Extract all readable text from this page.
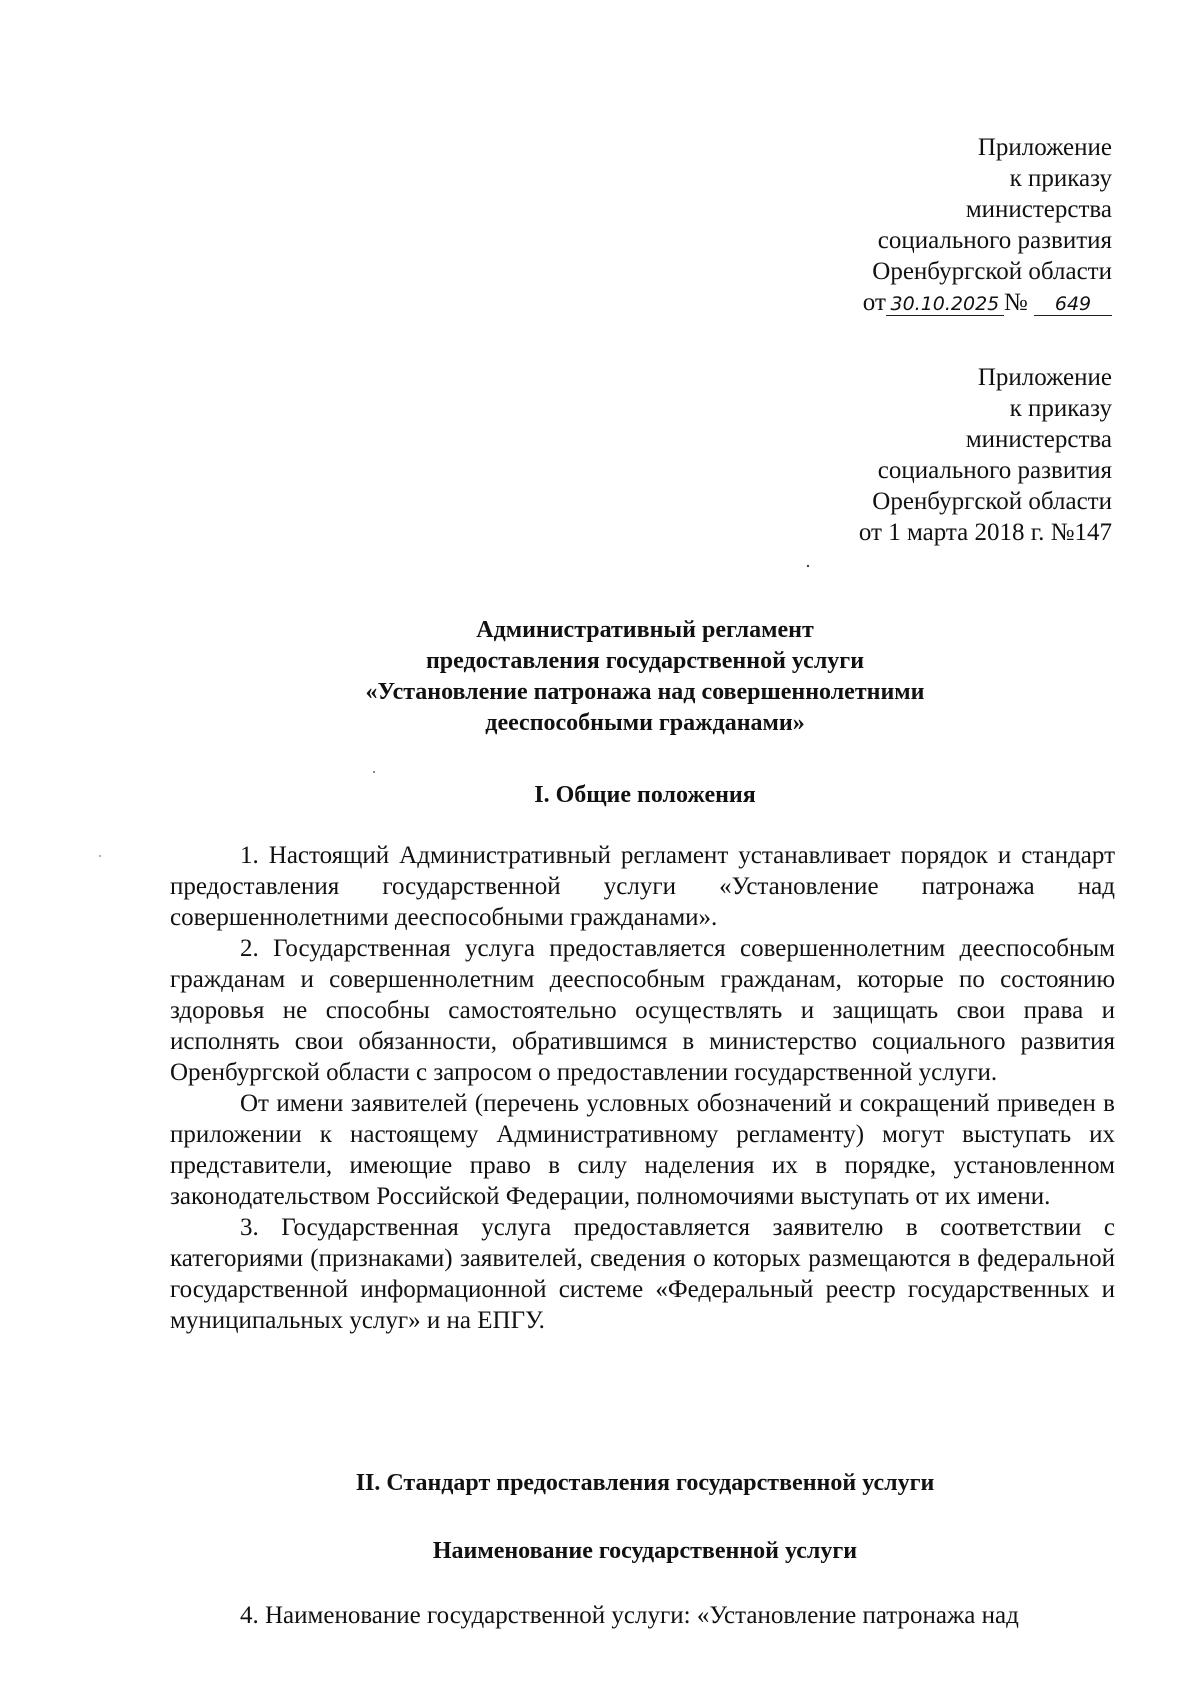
Приложение
к приказу
министерства
социального развития
Оренбургской области
от 30.10.2025 № 649
Приложение
к приказу
министерства
социального развития
Оренбургской области
от 1 марта 2018 г. №147
Административный регламент
предоставления государственной услуги
«Установление патронажа над совершеннолетними
дееспособными гражданами»
I. Общие положения

1. Настоящий Административный регламент устанавливает порядок и стандарт предоставления государственной услуги «Установление патронажа над совершеннолетними дееспособными гражданами».

2. Государственная услуга предоставляется совершеннолетним дееспособным гражданам и совершеннолетним дееспособным гражданам, которые по состоянию здоровья не способны самостоятельно осуществлять и защищать свои права и исполнять свои обязанности, обратившимся в министерство социального развития Оренбургской области с запросом о предоставлении государственной услуги.

От имени заявителей (перечень условных обозначений и сокращений приведен в приложении к настоящему Административному регламенту) могут выступать их представители, имеющие право в силу наделения их в порядке, установленном законодательством Российской Федерации, полномочиями выступать от их имени.

3. Государственная услуга предоставляется заявителю в соответствии с категориями (признаками) заявителей, сведения о которых размещаются в федеральной государственной информационной системе «Федеральный реестр государственных и муниципальных услуг» и на ЕПГУ.

II. Стандарт предоставления государственной услуги
Наименование государственной услуги

4. Наименование государственной услуги: «Установление патронажа над
